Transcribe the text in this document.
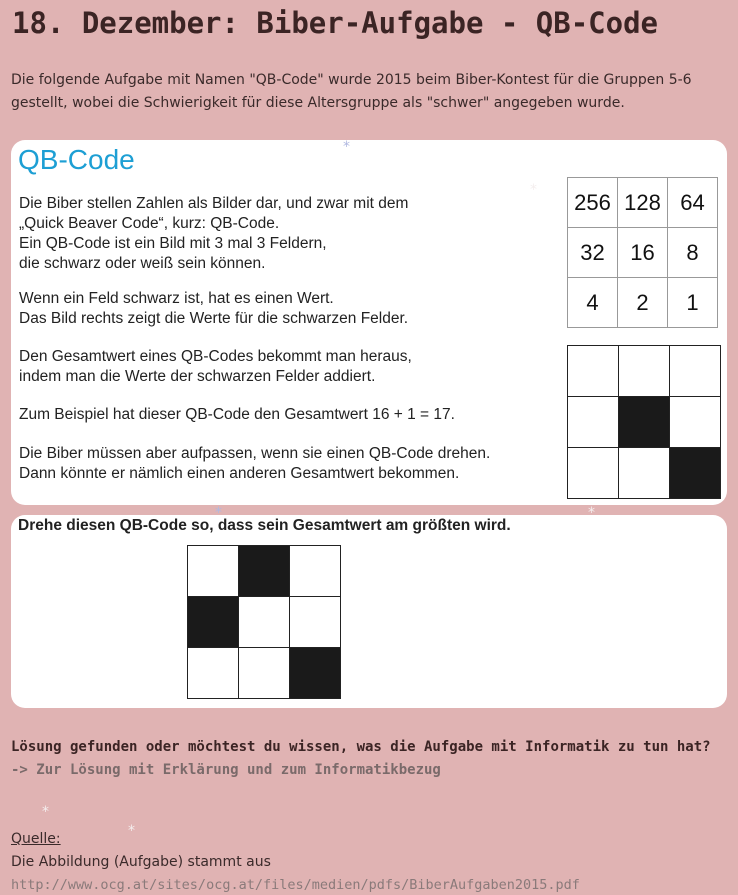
18. Dezember: Biber-Aufgabe - QB-Code
Die folgende Aufgabe mit Namen "QB-Code" wurde 2015 beim Biber-Kontest für die Gruppen 5-6 gestellt, wobei die Schwierigkeit für diese Altersgruppe als "schwer" angegeben wurde.
QB-Code
Die Biber stellen Zahlen als Bilder dar, und zwar mit dem
„Quick Beaver Code“, kurz: QB-Code.
Ein QB-Code ist ein Bild mit 3 mal 3 Feldern,
die schwarz oder weiß sein können.
Wenn ein Feld schwarz ist, hat es einen Wert.
Das Bild rechts zeigt die Werte für die schwarzen Felder.
Den Gesamtwert eines QB-Codes bekommt man heraus,
indem man die Werte der schwarzen Felder addiert.
Zum Beispiel hat dieser QB-Code den Gesamtwert 16 + 1 = 17.
Die Biber müssen aber aufpassen, wenn sie einen QB-Code drehen.
Dann könnte er nämlich einen anderen Gesamtwert bekommen.
256	128	64
32	16	8
4	2	1

Drehe diesen QB-Code so, dass sein Gesamtwert am größten wird.

Lösung gefunden oder möchtest du wissen, was die Aufgabe mit Informatik zu tun hat?
-> Zur Lösung mit Erklärung und zum Informatikbezug
Quelle:
Die Abbildung (Aufgabe) stammt aus
http://www.ocg.at/sites/ocg.at/files/medien/pdfs/BiberAufgaben2015.pdf
*
*
*	*
*
*
